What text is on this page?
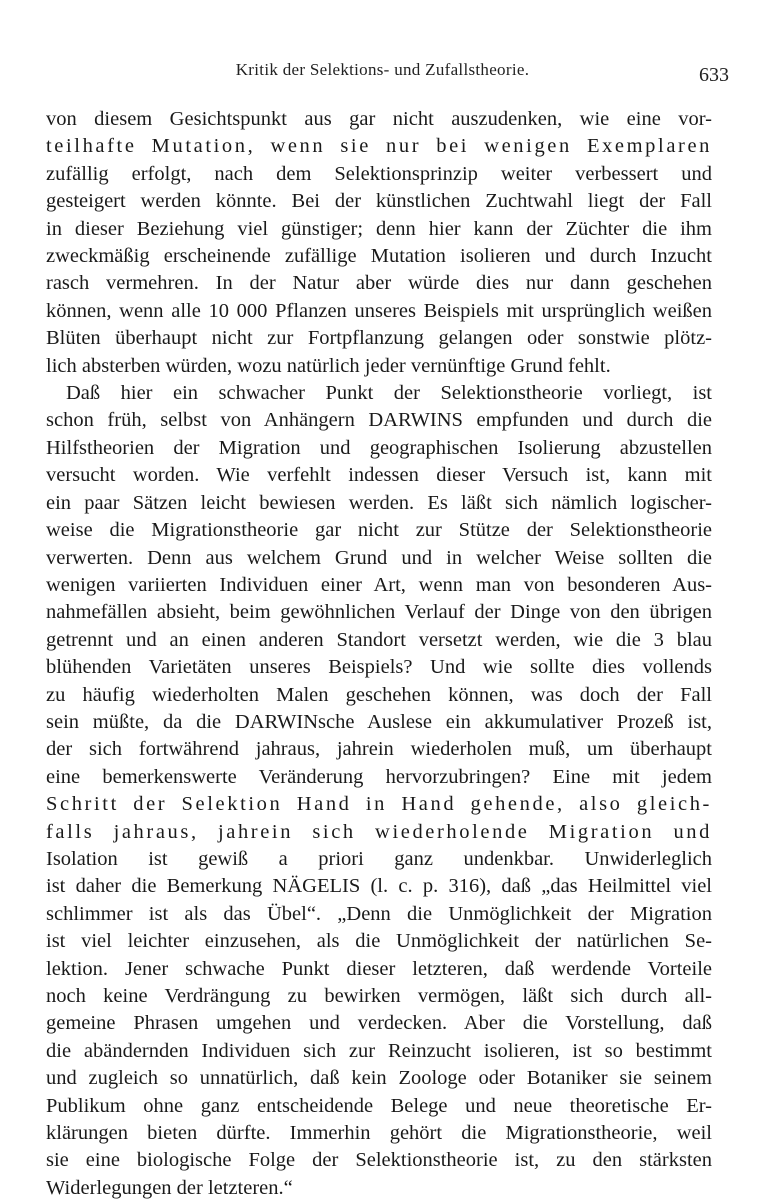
Kritik der Selektions- und Zufallstheorie.	633
von diesem Gesichtspunkt aus gar nicht auszudenken, wie eine vor-
teilhafte Mutation, wenn sie nur bei wenigen Exemplaren
zufällig erfolgt, nach dem Selektionsprinzip weiter verbessert und
gesteigert werden könnte. Bei der künstlichen Zuchtwahl liegt der Fall
in dieser Beziehung viel günstiger; denn hier kann der Züchter die ihm
zweckmäßig erscheinende zufällige Mutation isolieren und durch Inzucht
rasch vermehren. In der Natur aber würde dies nur dann geschehen
können, wenn alle 10 000 Pflanzen unseres Beispiels mit ursprünglich weißen
Blüten überhaupt nicht zur Fortpflanzung gelangen oder sonstwie plötz-
lich absterben würden, wozu natürlich jeder vernünftige Grund fehlt.
Daß hier ein schwacher Punkt der Selektionstheorie vorliegt, ist
schon früh, selbst von Anhängern DARWINS empfunden und durch die
Hilfstheorien der Migration und geographischen Isolierung abzustellen
versucht worden. Wie verfehlt indessen dieser Versuch ist, kann mit
ein paar Sätzen leicht bewiesen werden. Es läßt sich nämlich logischer-
weise die Migrationstheorie gar nicht zur Stütze der Selektionstheorie
verwerten. Denn aus welchem Grund und in welcher Weise sollten die
wenigen variierten Individuen einer Art, wenn man von besonderen Aus-
nahmefällen absieht, beim gewöhnlichen Verlauf der Dinge von den übrigen
getrennt und an einen anderen Standort versetzt werden, wie die 3 blau
blühenden Varietäten unseres Beispiels? Und wie sollte dies vollends
zu häufig wiederholten Malen geschehen können, was doch der Fall
sein müßte, da die DARWINsche Auslese ein akkumulativer Prozeß ist,
der sich fortwährend jahraus, jahrein wiederholen muß, um überhaupt
eine bemerkenswerte Veränderung hervorzubringen? Eine mit jedem
Schritt der Selektion Hand in Hand gehende, also gleich-
falls jahraus, jahrein sich wiederholende Migration und
Isolation ist gewiß a priori ganz undenkbar. Unwiderleglich
ist daher die Bemerkung NÄGELIS (l. c. p. 316), daß „das Heilmittel viel
schlimmer ist als das Übel“. „Denn die Unmöglichkeit der Migration
ist viel leichter einzusehen, als die Unmöglichkeit der natürlichen Se-
lektion. Jener schwache Punkt dieser letzteren, daß werdende Vorteile
noch keine Verdrängung zu bewirken vermögen, läßt sich durch all-
gemeine Phrasen umgehen und verdecken. Aber die Vorstellung, daß
die abändernden Individuen sich zur Reinzucht isolieren, ist so bestimmt
und zugleich so unnatürlich, daß kein Zoologe oder Botaniker sie seinem
Publikum ohne ganz entscheidende Belege und neue theoretische Er-
klärungen bieten dürfte. Immerhin gehört die Migrationstheorie, weil
sie eine biologische Folge der Selektionstheorie ist, zu den stärksten
Widerlegungen der letzteren.“
